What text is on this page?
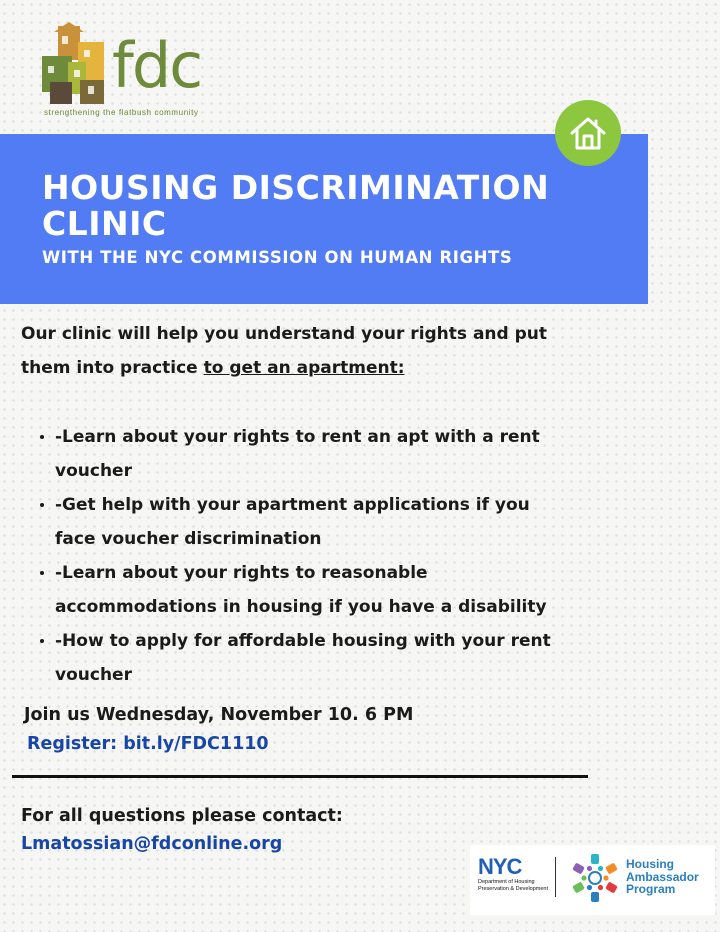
fdc
strengthening the flatbush community
HOUSING DISCRIMINATION CLINIC
WITH THE NYC COMMISSION ON HUMAN RIGHTS
Our clinic will help you understand your rights and put them into practice to get an apartment:
-Learn about your rights to rent an apt with a rent voucher
-Get help with your apartment applications if you face voucher discrimination
-Learn about your rights to reasonable accommodations in housing if you have a disability
-How to apply for affordable housing with your rent voucher
Join us Wednesday, November 10. 6 PM
Register: bit.ly/FDC1110
For all questions please contact:
Lmatossian@fdconline.org
NYC
Department of Housing Preservation & Development
Housing
Ambassador
Program
